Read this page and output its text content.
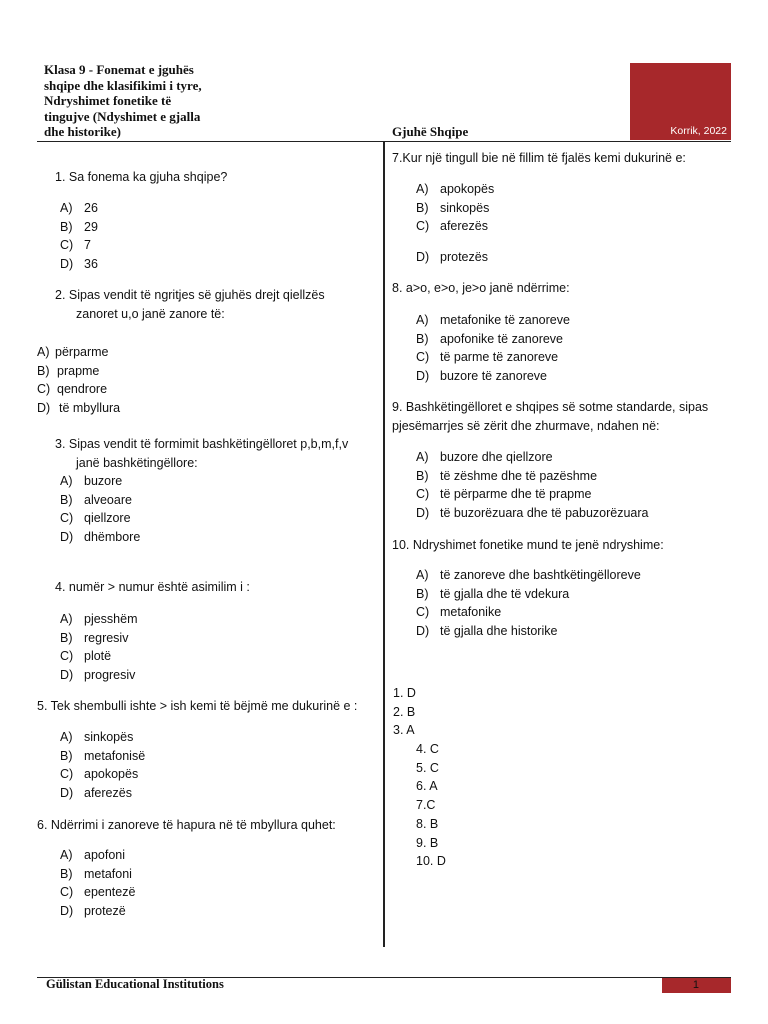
Klasa 9 - Fonemat e jguhës
shqipe dhe klasifikimi i tyre,
Ndryshimet fonetike të
tingujve (Ndyshimet e gjalla
dhe historike)	Gjuhë Shqipe	Korrik, 2022
1. Sa fonema ka gjuha shqipe?
A) 26
B) 29
C) 7
D) 36
2. Sipas vendit të ngritjes së gjuhës drejt qiellzës
zanoret u,o janë zanore të:
A) përparme
B) prapme
C) qendrore
D) të mbyllura
3. Sipas vendit të formimit bashkëtingëlloret p,b,m,f,v
janë bashkëtingëllore:
A) buzore
B) alveoare
C) qiellzore
D) dhëmbore
4. numër > numur është asimilim i :
A) pjesshëm
B) regresiv
C) plotë
D) progresiv
5. Tek shembulli ishte > ish kemi të bëjmë me dukurinë e :
A) sinkopës
B) metafonisë
C) apokopës
D) aferezës
6. Ndërrimi i zanoreve të hapura në të mbyllura quhet:
A) apofoni
B) metafoni
C) epentezë
D) protezë
7.Kur një tingull bie në fillim të fjalës kemi dukurinë e:
A) apokopës
B) sinkopës
C) aferezës
D) protezës
8. a>o, e>o, je>o janë ndërrime:
A) metafonike të zanoreve
B) apofonike të zanoreve
C) të parme të zanoreve
D) buzore të zanoreve
9. Bashkëtingëlloret e shqipes së sotme standarde, sipas
pjesëmarrjes së zërit dhe zhurmave, ndahen në:
A) buzore dhe qiellzore
B) të zëshme dhe të pazëshme
C) të përparme dhe të prapme
D) të buzorëzuara dhe të pabuzorëzuara
10. Ndryshimet fonetike mund te jenë ndryshime:
A) të zanoreve dhe bashtkëtingëlloreve
B) të gjalla dhe të vdekura
C) metafonike
D) të gjalla dhe historike
1. D
2. B
3. A
4. C
5. C
6. A
7.C
8. B
9. B
10. D
Gülistan Educational Institutions	1
